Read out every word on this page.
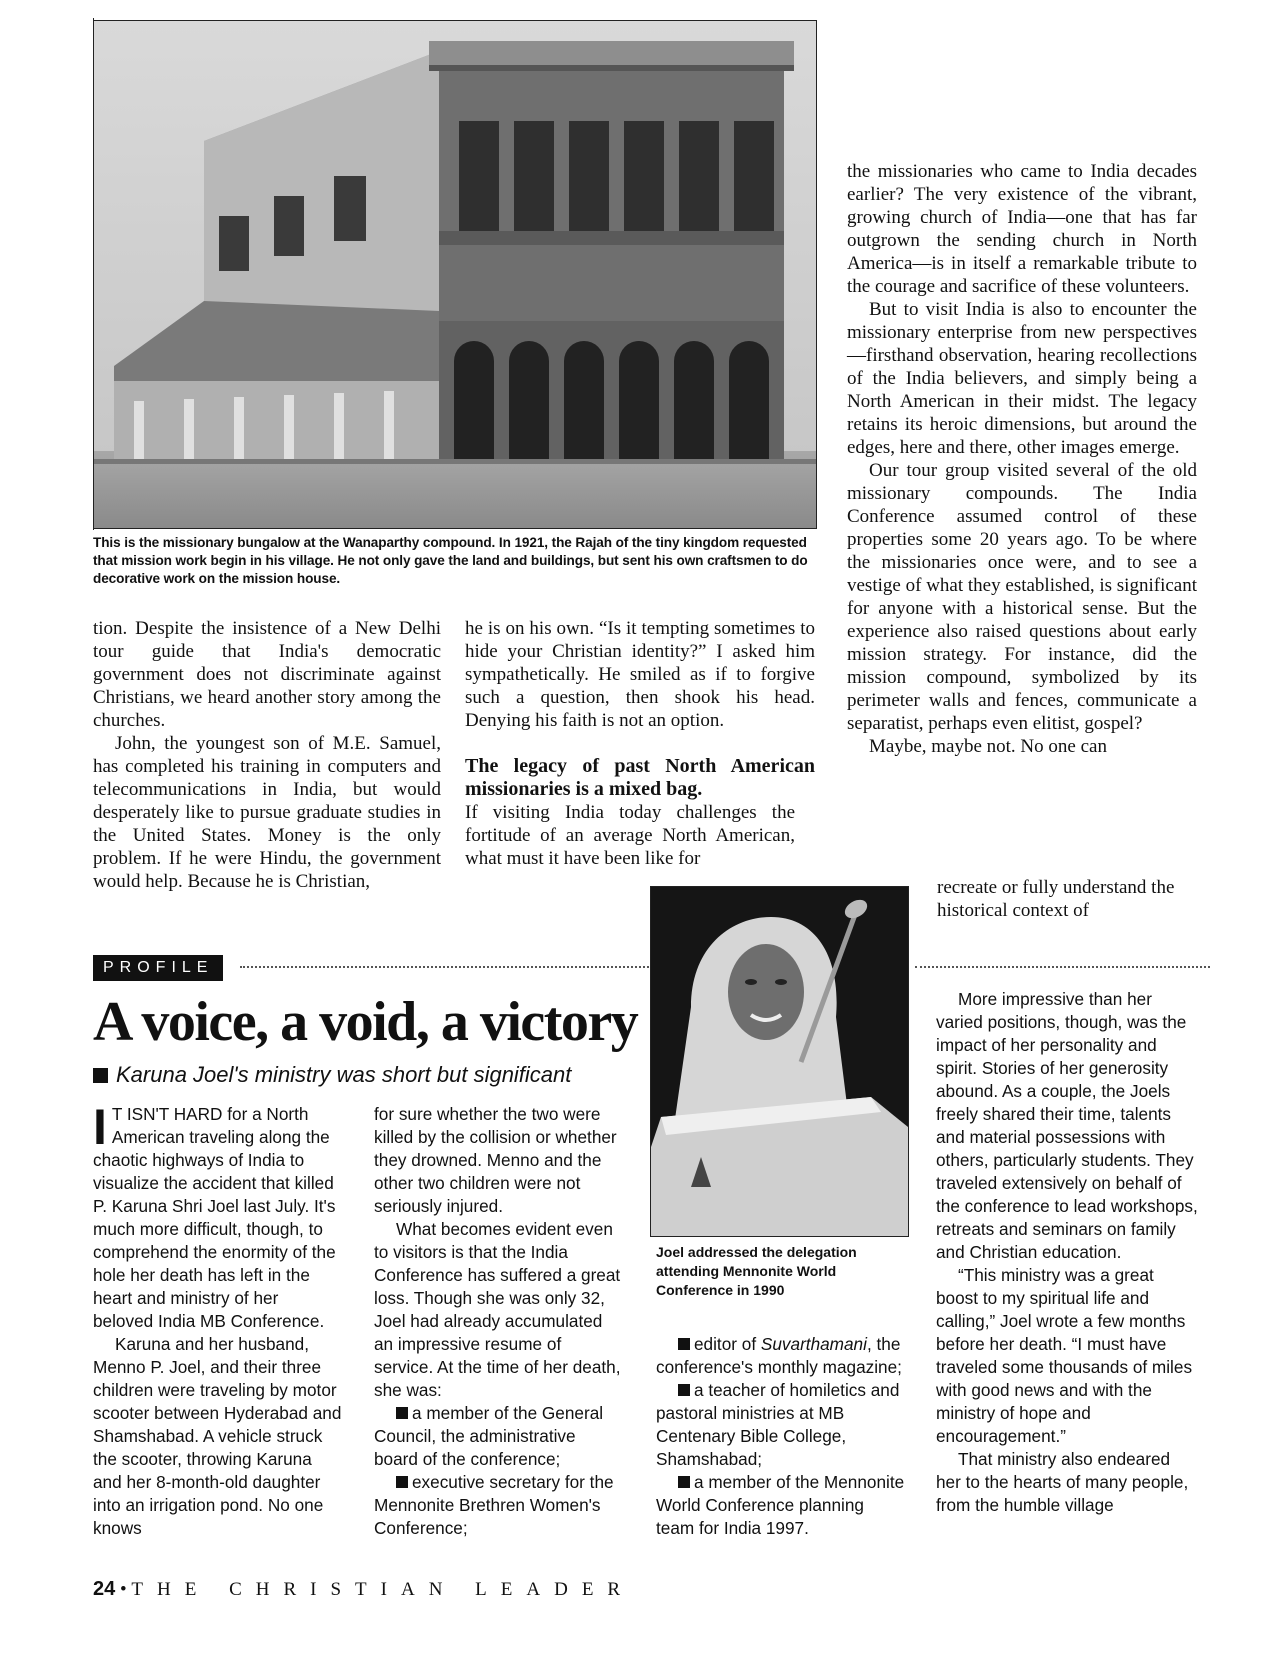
This is the missionary bungalow at the Wanaparthy compound. In 1921, the Rajah of the tiny kingdom requested that mission work begin in his village. He not only gave the land and buildings, but sent his own craftsmen to do decorative work on the mission house.

tion. Despite the insistence of a New Delhi tour guide that India's democratic government does not discriminate against Christians, we heard another story among the churches.

John, the youngest son of M.E. Samuel, has completed his training in computers and telecommunications in India, but would desperately like to pursue graduate studies in the United States. Money is the only problem. If he were Hindu, the government would help. Because he is Christian,

he is on his own. “Is it tempting sometimes to hide your Christian identity?” I asked him sympathetically. He smiled as if to forgive such a question, then shook his head. Denying his faith is not an option.

The legacy of past North American missionaries is a mixed bag.

If visiting India today challenges the fortitude of an average North American, what must it have been like for

the missionaries who came to India decades earlier? The very existence of the vibrant, growing church of India—one that has far outgrown the sending church in North America—is in itself a remarkable tribute to the courage and sacrifice of these volunteers.

But to visit India is also to encounter the missionary enterprise from new perspectives—firsthand observation, hearing recollections of the India believers, and simply being a North American in their midst. The legacy retains its heroic dimensions, but around the edges, here and there, other images emerge.

Our tour group visited several of the old missionary compounds. The India Conference assumed control of these properties some 20 years ago. To be where the missionaries once were, and to see a vestige of what they established, is significant for anyone with a historical sense. But the experience also raised questions about early mission strategy. For instance, did the mission compound, symbolized by its perimeter walls and fences, communicate a separatist, perhaps even elitist, gospel?

Maybe, maybe not. No one can

recreate or fully understand the historical context of
PROFILE
A voice, a void, a victory
Karuna Joel's ministry was short but significant

I T ISN'T HARD for a North American traveling along the chaotic highways of India to visualize the accident that killed P. Karuna Shri Joel last July. It's much more difficult, though, to comprehend the enormity of the hole her death has left in the heart and ministry of her beloved India MB Conference.

Karuna and her husband, Menno P. Joel, and their three children were traveling by motor scooter between Hyderabad and Shamshabad. A vehicle struck the scooter, throwing Karuna and her 8-month-old daughter into an irrigation pond. No one knows

for sure whether the two were killed by the collision or whether they drowned. Menno and the other two children were not seriously injured.

What becomes evident even to visitors is that the India Conference has suffered a great loss. Though she was only 32, Joel had already accumulated an impressive resume of service. At the time of her death, she was:

a member of the General Council, the administrative board of the conference;

executive secretary for the Mennonite Brethren Women's Conference;

Joel addressed the delegation attending Mennonite World Conference in 1990

editor of Suvarthamani, the conference's monthly magazine;

a teacher of homiletics and pastoral ministries at MB Centenary Bible College, Shamshabad;

a member of the Mennonite World Conference planning team for India 1997.

More impressive than her varied positions, though, was the impact of her personality and spirit. Stories of her generosity abound. As a couple, the Joels freely shared their time, talents and material possessions with others, particularly students. They traveled extensively on behalf of the conference to lead workshops, retreats and seminars on family and Christian education.

“This ministry was a great boost to my spiritual life and calling,” Joel wrote a few months before her death. “I must have traveled some thousands of miles with good news and with the ministry of hope and encouragement.”

That ministry also endeared her to the hearts of many people, from the humble village

24 • THE CHRISTIAN LEADER
